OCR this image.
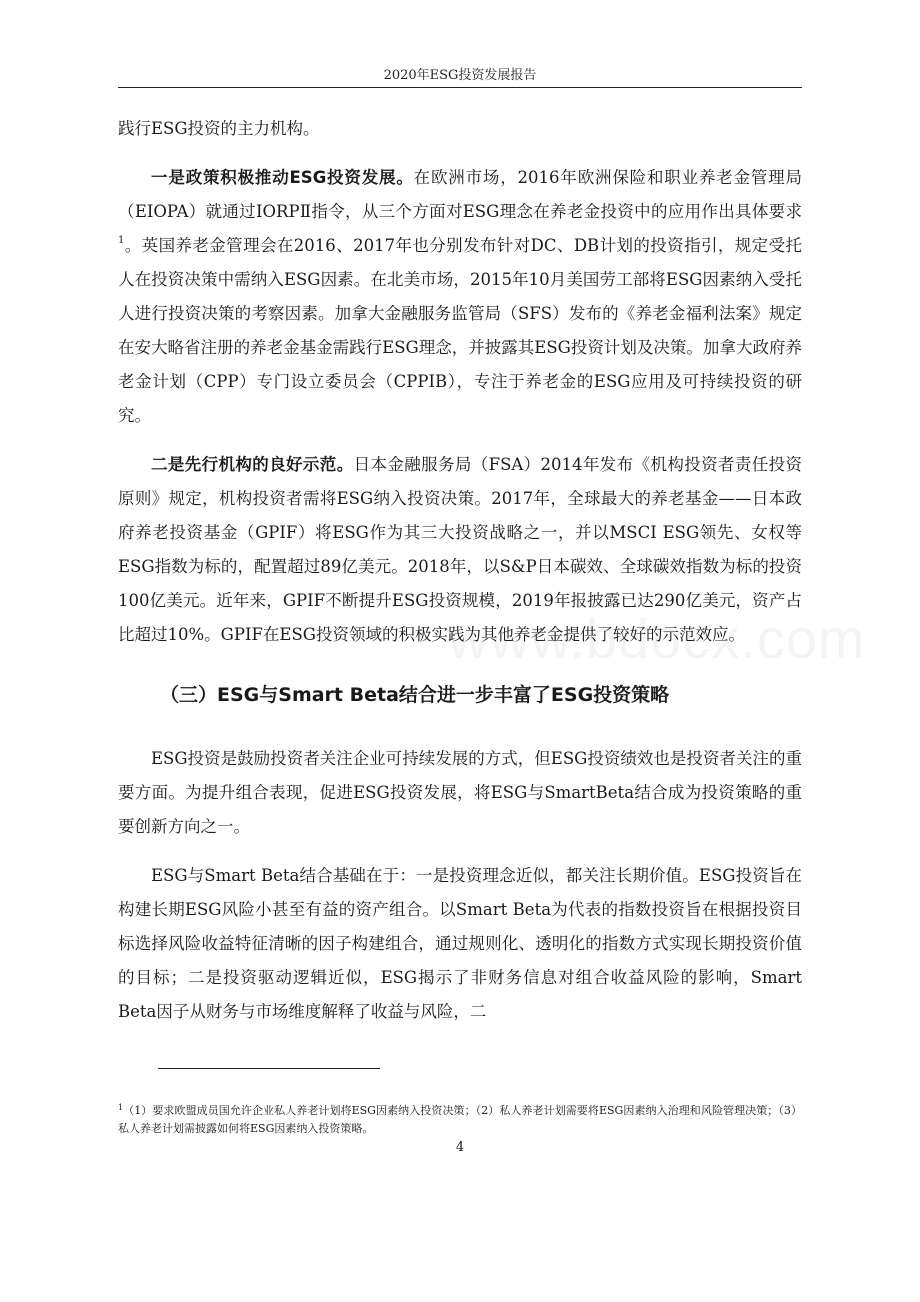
2020年ESG投资发展报告

践行ESG投资的主力机构。

一是政策积极推动ESG投资发展。在欧洲市场，2016年欧洲保险和职业养老金管理局（EIOPA）就通过IORPⅡ指令，从三个方面对ESG理念在养老金投资中的应用作出具体要求$^1$。英国养老金管理会在2016、2017年也分别发布针对DC、DB计划的投资指引，规定受托人在投资决策中需纳入ESG因素。在北美市场，2015年10月美国劳工部将ESG因素纳入受托人进行投资决策的考察因素。加拿大金融服务监管局（SFS）发布的《养老金福利法案》规定在安大略省注册的养老金基金需践行ESG理念，并披露其ESG投资计划及决策。加拿大政府养老金计划（CPP）专门设立委员会（CPPIB），专注于养老金的ESG应用及可持续投资的研究。

二是先行机构的良好示范。日本金融服务局（FSA）2014年发布《机构投资者责任投资原则》规定，机构投资者需将ESG纳入投资决策。2017年，全球最大的养老基金——日本政府养老投资基金（GPIF）将ESG作为其三大投资战略之一，并以MSCI ESG领先、女权等ESG指数为标的，配置超过89亿美元。2018年，以S&P日本碳效、全球碳效指数为标的投资100亿美元。近年来，GPIF不断提升ESG投资规模，2019年报披露已达290亿美元，资产占比超过10%。GPIF在ESG投资领域的积极实践为其他养老金提供了较好的示范效应。

（三）ESG与Smart Beta结合进一步丰富了ESG投资策略

ESG投资是鼓励投资者关注企业可持续发展的方式，但ESG投资绩效也是投资者关注的重要方面。为提升组合表现，促进ESG投资发展，将ESG与SmartBeta结合成为投资策略的重要创新方向之一。

ESG与Smart Beta结合基础在于：一是投资理念近似，都关注长期价值。ESG投资旨在构建长期ESG风险小甚至有益的资产组合。以Smart Beta为代表的指数投资旨在根据投资目标选择风险收益特征清晰的因子构建组合，通过规则化、透明化的指数方式实现长期投资价值的目标；二是投资驱动逻辑近似，ESG揭示了非财务信息对组合收益风险的影响，Smart Beta因子从财务与市场维度解释了收益与风险，二

$^1$（1）要求欧盟成员国允许企业私人养老计划将ESG因素纳入投资决策；（2）私人养老计划需要将ESG因素纳入治理和风险管理决策；（3）私人养老计划需披露如何将ESG因素纳入投资策略。

4
